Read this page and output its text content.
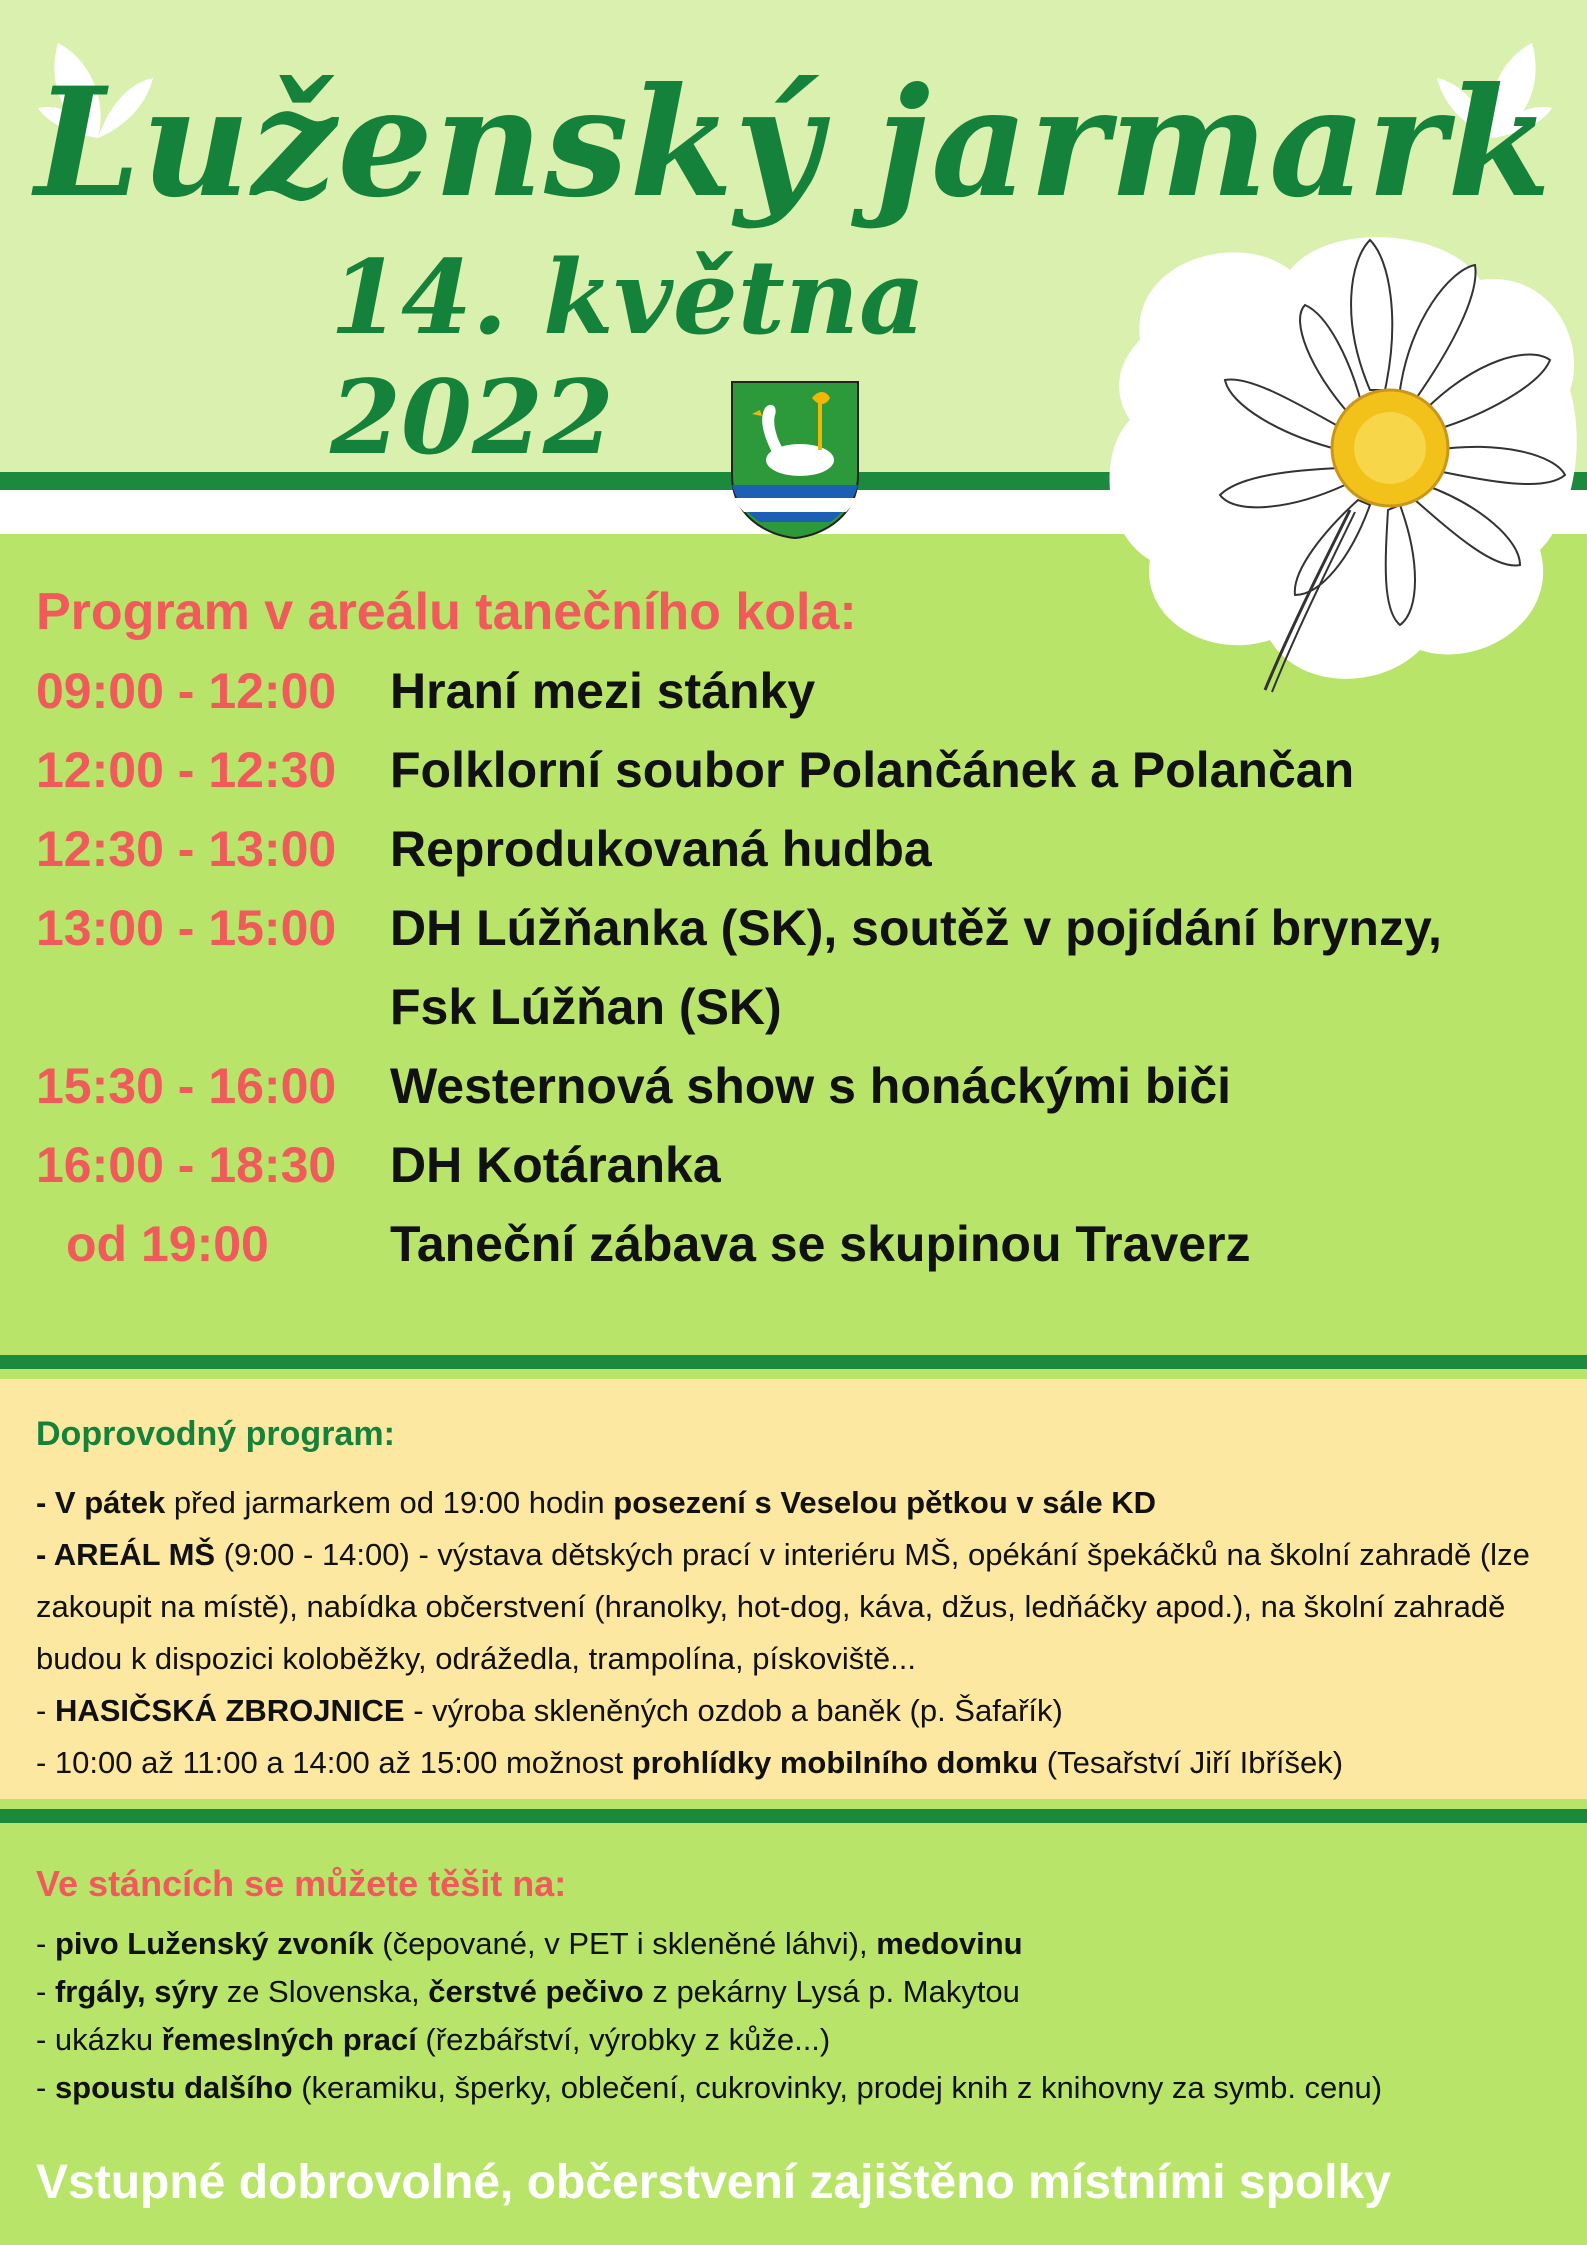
Luženský jarmark
14. května 2022
Program v areálu tanečního kola:
09:00 - 12:00	Hraní mezi stánky
12:00 - 12:30	Folklorní soubor Polančánek a Polančan
12:30 - 13:00	Reprodukovaná hudba
13:00 - 15:00	DH Lúžňanka (SK), soutěž v pojídání brynzy,
Fsk Lúžňan (SK)
15:30 - 16:00	Westernová show s honáckými biči
16:00 - 18:30	DH Kotáranka
od 19:00	Taneční zábava se skupinou Traverz
Doprovodný program:
- V pátek před jarmarkem od 19:00 hodin posezení s Veselou pětkou v sále KD
- AREÁL MŠ (9:00 - 14:00) - výstava dětských prací v interiéru MŠ, opékání špekáčků na školní zahradě (lze zakoupit na místě), nabídka občerstvení (hranolky, hot-dog, káva, džus, ledňáčky apod.), na školní zahradě budou k dispozici koloběžky, odrážedla, trampolína, pískoviště...
- HASIČSKÁ ZBROJNICE - výroba skleněných ozdob a baněk (p. Šafařík)
- 10:00 až 11:00 a 14:00 až 15:00 možnost prohlídky mobilního domku (Tesařství Jiří Ibříšek)
Ve stáncích se můžete těšit na:
- pivo Luženský zvoník (čepované, v PET i skleněné láhvi), medovinu
- frgály, sýry ze Slovenska, čerstvé pečivo z pekárny Lysá p. Makytou
- ukázku řemeslných prací (řezbářství, výrobky z kůže...)
- spoustu dalšího (keramiku, šperky, oblečení, cukrovinky, prodej knih z knihovny za symb. cenu)
Vstupné dobrovolné, občerstvení zajištěno místními spolky
